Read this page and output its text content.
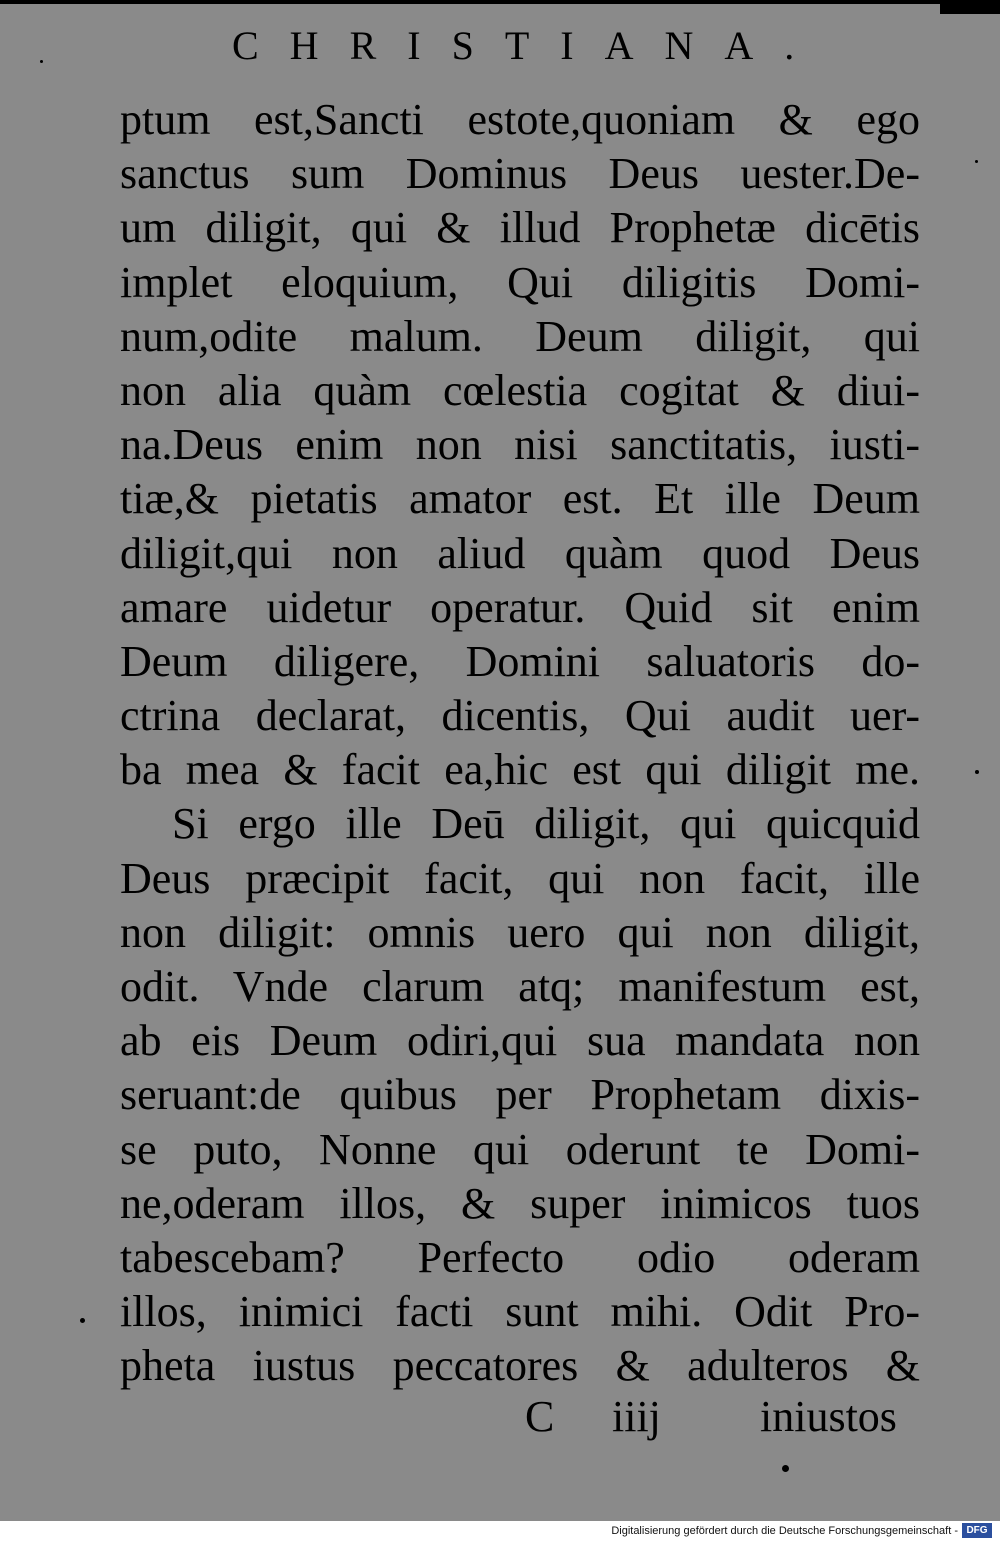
CHRISTIANA.
ptum est,Sancti estote,quoniam & ego
sanctus sum Dominus Deus uester.De-
um diligit, qui & illud Prophetæ dicētis
implet eloquium, Qui diligitis Domi-
num,odite malum. Deum diligit, qui
non alia quàm cœlestia cogitat & diui-
na.Deus enim non nisi sanctitatis, iusti-
tiæ,& pietatis amator est. Et ille Deum
diligit,qui non aliud quàm quod Deus
amare uidetur operatur. Quid sit enim
Deum diligere, Domini saluatoris do-
ctrina declarat, dicentis, Qui audit uer-
ba mea & facit ea,hic est qui diligit me.
Si ergo ille Deū diligit, qui quicquid
Deus præcipit facit, qui non facit, ille
non diligit: omnis uero qui non diligit,
odit. Vnde clarum atq; manifestum est,
ab eis Deum odiri,qui sua mandata non
seruant:de quibus per Prophetam dixis-
se puto, Nonne qui oderunt te Domi-
ne,oderam illos, & super inimicos tuos
tabescebam? Perfecto odio oderam
illos, inimici facti sunt mihi. Odit Pro-
pheta iustus peccatores & adulteros &
C iiij iniustos
Digitalisierung gefördert durch die Deutsche Forschungsgemeinschaft - DFG
